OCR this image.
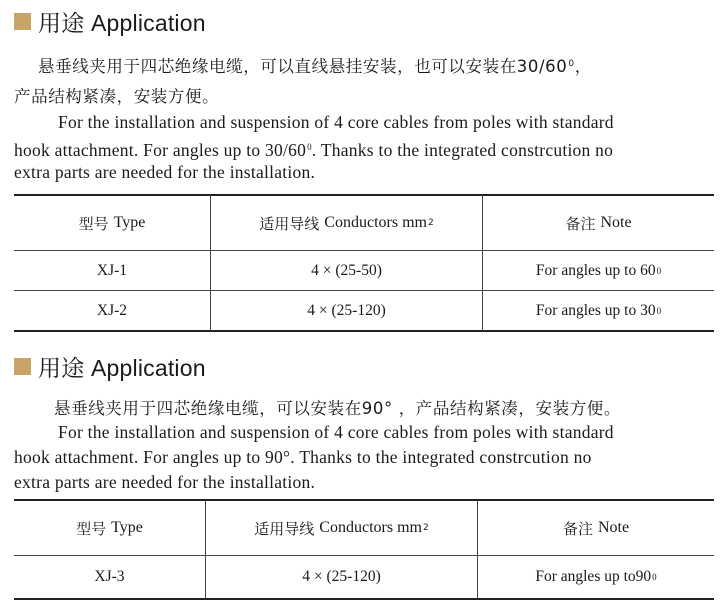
用途 Application
悬垂线夹用于四芯绝缘电缆，可以直线悬挂安装，也可以安装在$30/60^0$，
产品结构紧凑，安装方便。
For the installation and suspension of 4 core cables from poles with standard
hook attachment. For angles up to $30/60^0$. Thanks to the integrated constrcution no
extra parts are needed for the installation.
型号 Type	适用导线 Conductors mm 2	备注 Note
XJ-1	4 × (25-50)	For angles up to 60 0
XJ-2	4 × (25-120)	For angles up to 30 0
用途 Application
悬垂线夹用于四芯绝缘电缆，可以安装在90° ，产品结构紧凑，安装方便。
For the installation and suspension of 4 core cables from poles with standard
hook attachment. For angles up to 90°. Thanks to the integrated constrcution no
extra parts are needed for the installation.
型号 Type	适用导线 Conductors mm 2	备注 Note
XJ-3	4 × (25-120)	For angles up to90 0
